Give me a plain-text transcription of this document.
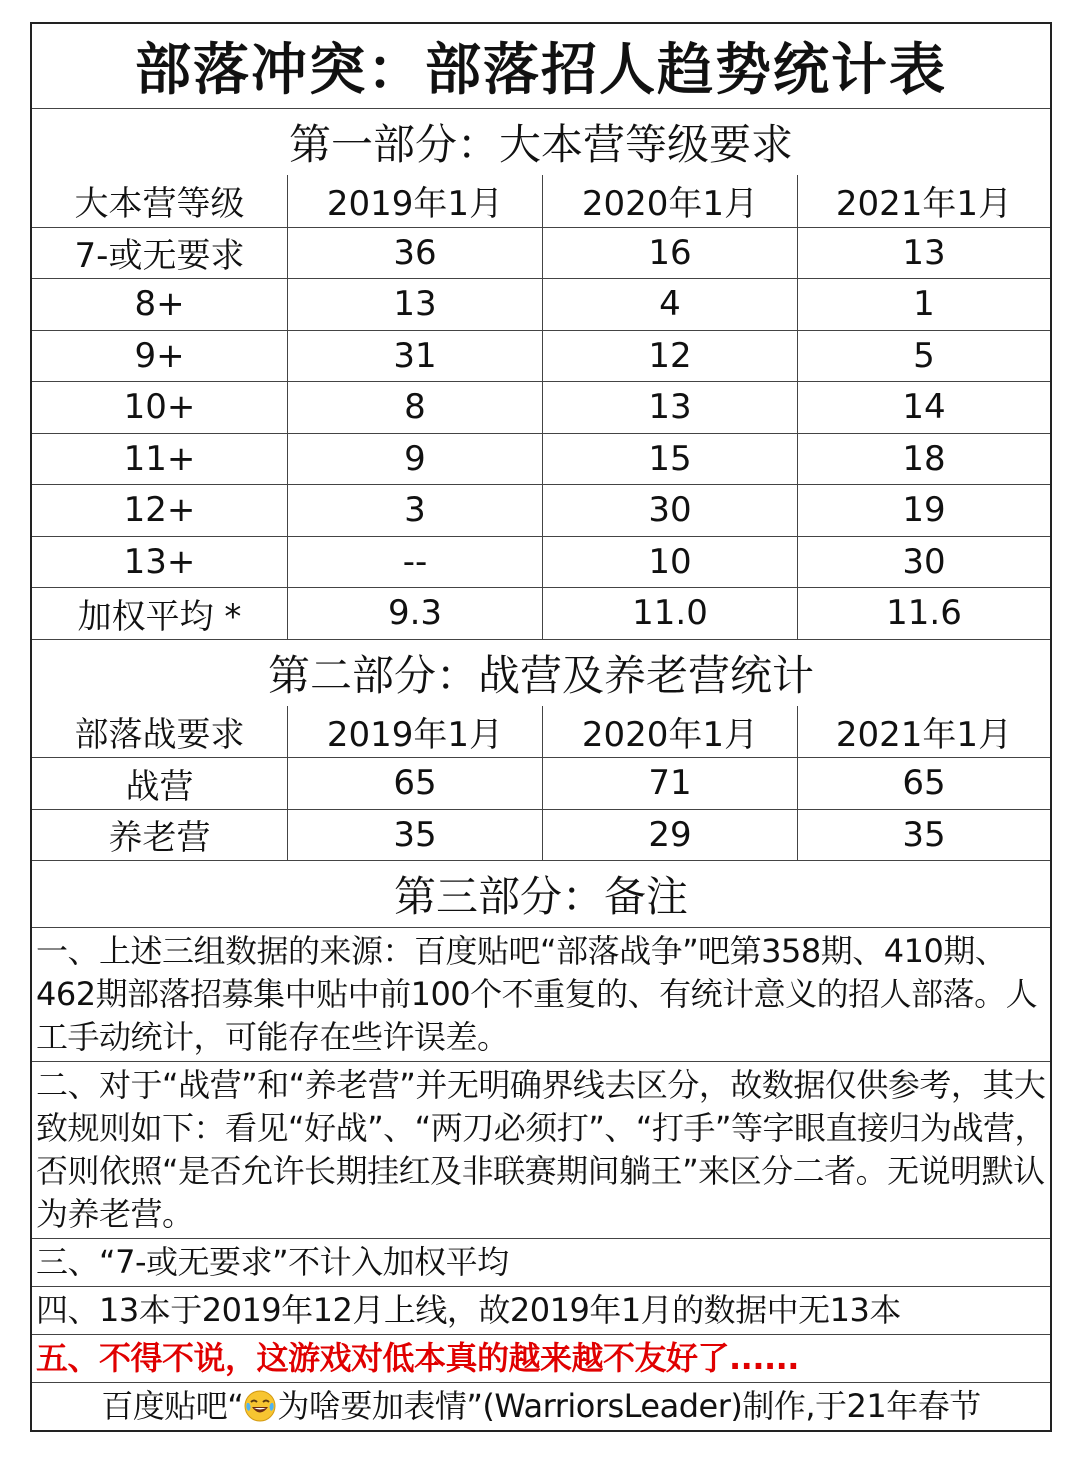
部落冲突：部落招人趋势统计表
第一部分：大本营等级要求
大本营等级	2019年1月	2020年1月	2021年1月
7-或无要求	36	16	13
8+	13	4	1
9+	31	12	5
10+	8	13	14
11+	9	15	18
12+	3	30	19
13+	--	10	30
加权平均 *	9.3	11.0	11.6
第二部分：战营及养老营统计
部落战要求	2019年1月	2020年1月	2021年1月
战营	65	71	65
养老营	35	29	35
第三部分：备注
一、上述三组数据的来源：百度贴吧“部落战争”吧第358期、410期、462期部落招募集中贴中前100个不重复的、有统计意义的招人部落。人工手动统计，可能存在些许误差。
二、对于“战营”和“养老营”并无明确界线去区分，故数据仅供参考，其大致规则如下：看见“好战”、“两刀必须打”、“打手”等字眼直接归为战营，否则依照“是否允许长期挂红及非联赛期间躺王”来区分二者。无说明默认为养老营。
三、“7-或无要求”不计入加权平均
四、13本于2019年12月上线，故2019年1月的数据中无13本
五、不得不说，这游戏对低本真的越来越不友好了......
百度贴吧“ 为啥要加表情”(WarriorsLeader)制作,于21年春节
